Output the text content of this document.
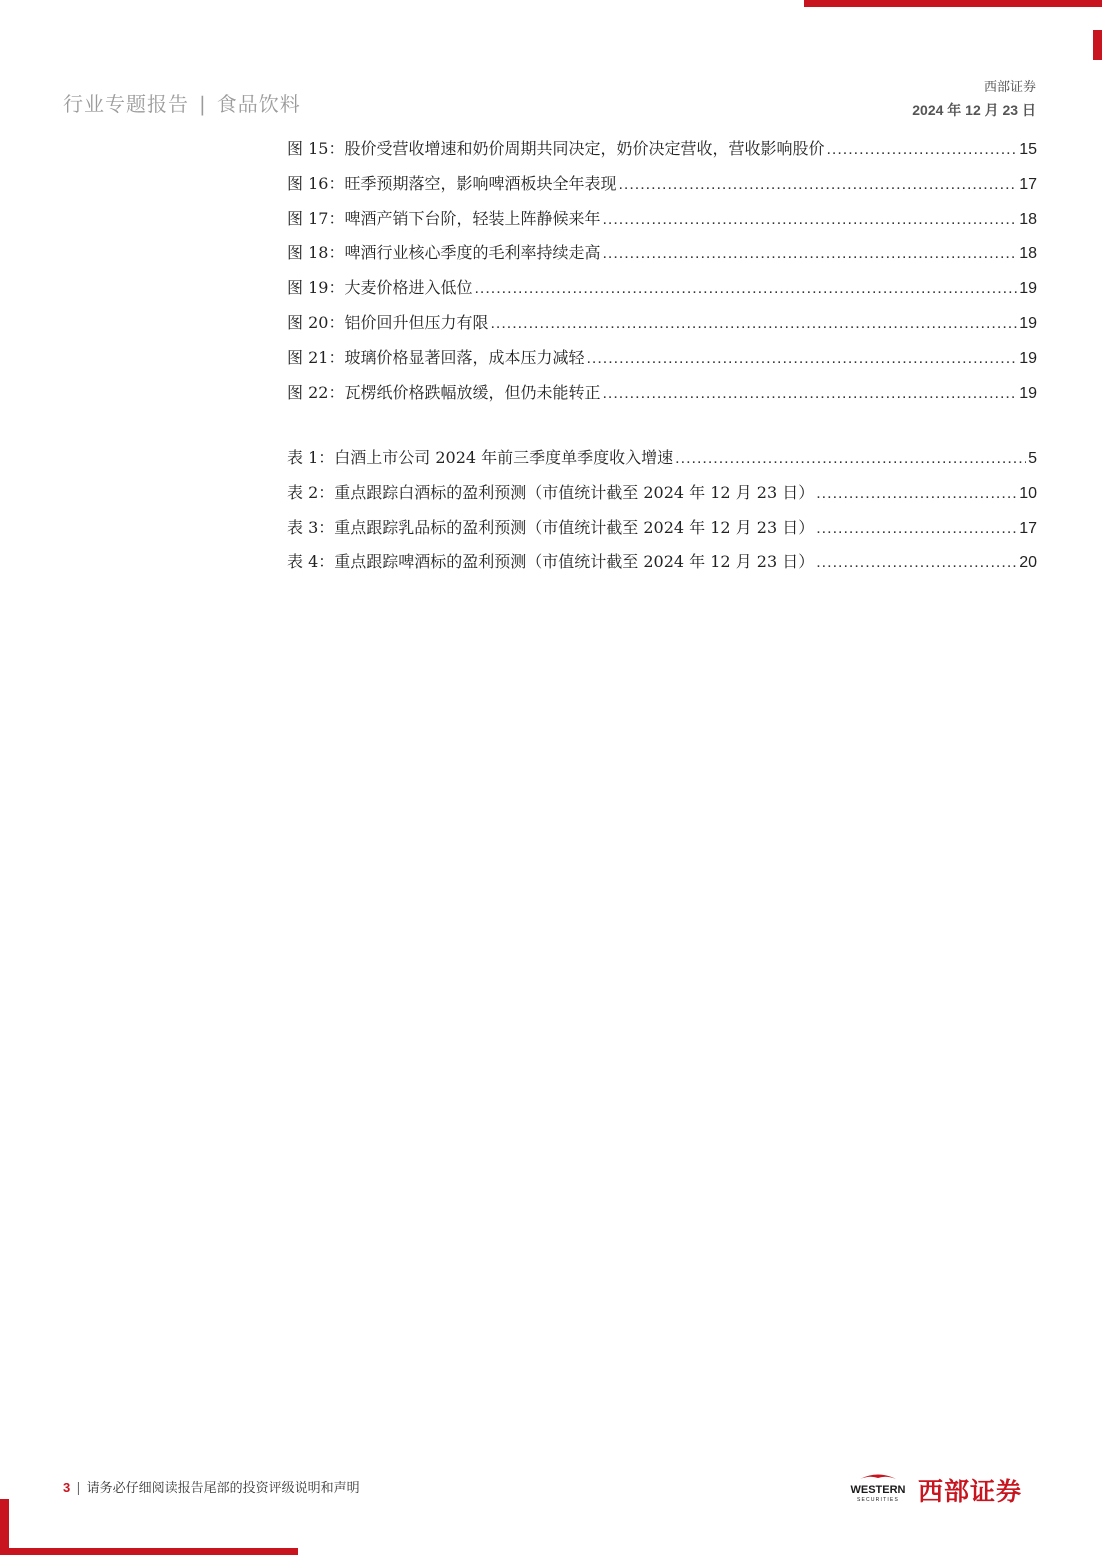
行业专题报告 | 食品饮料
西部证券
2024 年 12 月 23 日
图 15：股价受营收增速和奶价周期共同决定，奶价决定营收，营收影响股价 .....	15
图 16：旺季预期落空，影响啤酒板块全年表现 .....	17
图 17：啤酒产销下台阶，轻装上阵静候来年 .....	18
图 18：啤酒行业核心季度的毛利率持续走高 .....	18
图 19：大麦价格进入低位 .....	19
图 20：铝价回升但压力有限 .....	19
图 21：玻璃价格显著回落，成本压力减轻 .....	19
图 22：瓦楞纸价格跌幅放缓，但仍未能转正 .....	19
表 1：白酒上市公司 2024 年前三季度单季度收入增速 .....	5
表 2：重点跟踪白酒标的盈利预测（市值统计截至 2024 年 12 月 23 日） .....	10
表 3：重点跟踪乳品标的盈利预测（市值统计截至 2024 年 12 月 23 日） .....	17
表 4：重点跟踪啤酒标的盈利预测（市值统计截至 2024 年 12 月 23 日） .....	20
3 | 请务必仔细阅读报告尾部的投资评级说明和声明	WESTERN
SECURITIES 西部证券
